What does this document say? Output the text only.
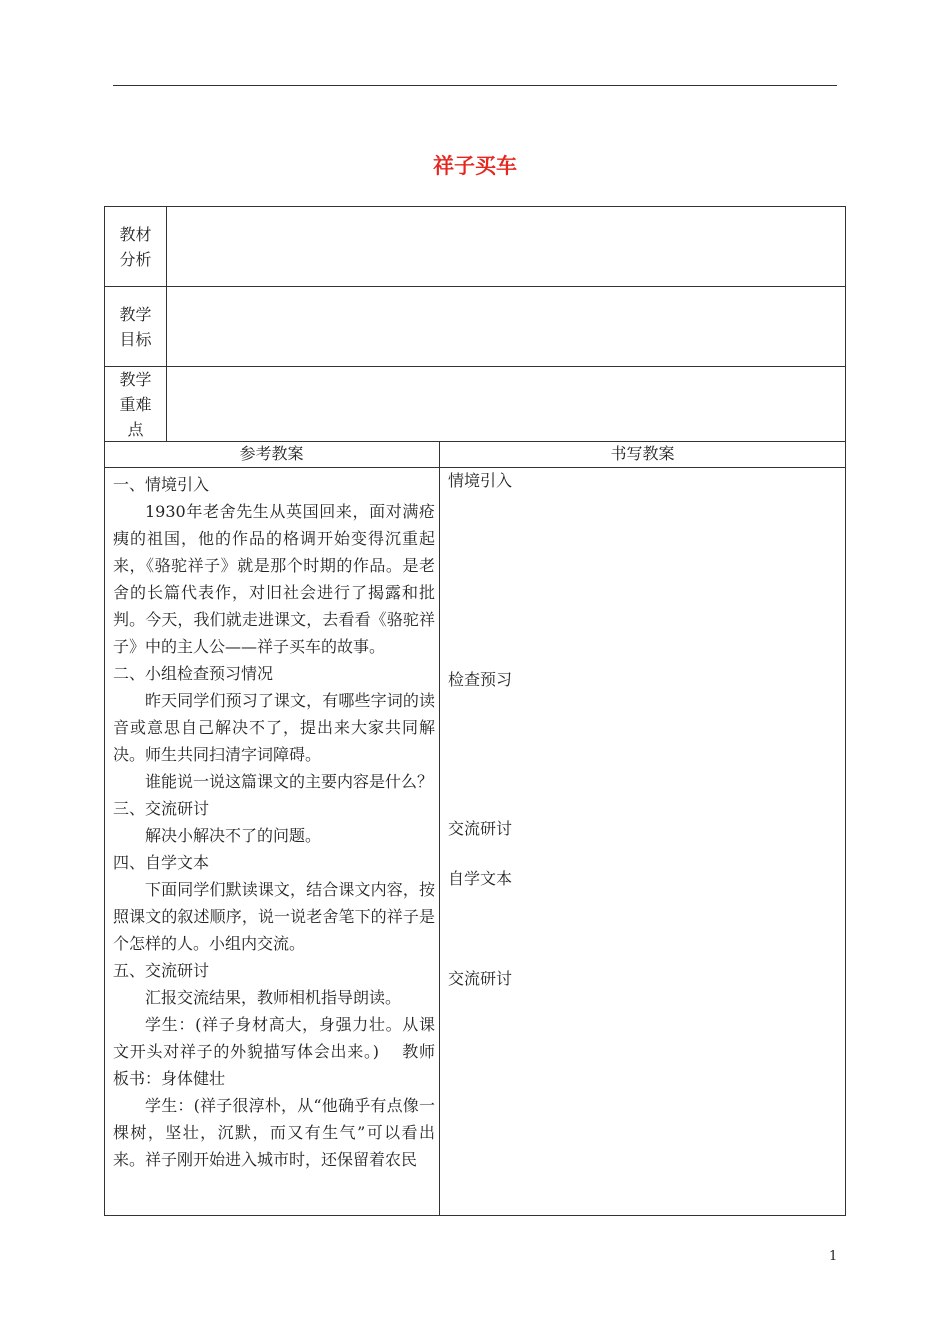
祥子买车
教材
分析
教学
目标
教学
重难
点
参考教案	书写教案

一、情境引入

1930年老舍先生从英国回来，面对满疮痍的祖国，他的作品的格调开始变得沉重起来，《骆驼祥子》就是那个时期的作品。是老舍的长篇代表作，对旧社会进行了揭露和批判。今天，我们就走进课文，去看看《骆驼祥子》中的主人公——祥子买车的故事。

二、小组检查预习情况

昨天同学们预习了课文，有哪些字词的读音或意思自己解决不了，提出来大家共同解决。师生共同扫清字词障碍。

谁能说一说这篇课文的主要内容是什么？

三、交流研讨

解决小解决不了的问题。

四、自学文本

下面同学们默读课文，结合课文内容，按照课文的叙述顺序，说一说老舍笔下的祥子是个怎样的人。小组内交流。

五、交流研讨

汇报交流结果，教师相机指导朗读。

学生：(祥子身材高大，身强力壮。从课文开头对祥子的外貌描写体会出来。)　 教师板书：身体健壮

学生：(祥子很淳朴，从“他确乎有点像一棵树，坚壮，沉默，而又有生气”可以看出来。祥子刚开始进入城市时，还保留着农民

情境引入
检查预习
交流研讨
自学文本
交流研讨
1
